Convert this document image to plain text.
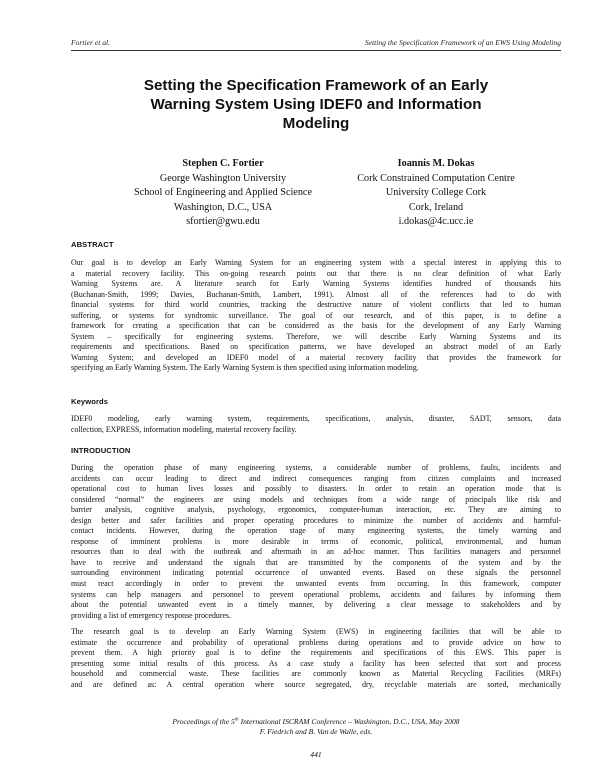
Fortier et al.	Setting the Specification Framework of an EWS Using Modeling
Setting the Specification Framework of an Early
Warning System Using IDEF0 and Information
Modeling
Stephen C. Fortier
George Washington University
School of Engineering and Applied Science
Washington, D.C., USA
sfortier@gwu.edu
Ioannis M. Dokas
Cork Constrained Computation Centre
University College Cork
Cork, Ireland
i.dokas@4c.ucc.ie
ABSTRACT
Our goal is to develop an Early Warning System for an engineering system with a special interest in applying this to
a material recovery facility. This on-going research points out that there is no clear definition of what Early
Warning Systems are. A literature search for Early Warning Systems identifies hundred of thousands hits
(Buchanan-Smith, 1999; Davies, Buchanan-Smith, Lambert, 1991). Almost all of the references had to do with
financial systems for third world countries, tracking the destructive nature of violent conflicts that led to human
suffering, or systems for syndromic surveillance. The goal of our research, and of this paper, is to define a
framework for creating a specification that can be considered as the basis for the development of any Early Warning
System – specifically for engineering systems. Therefore, we will describe Early Warning Systems and its
requirements and specifications. Based on specification patterns, we have developed an abstract model of an Early
Warning System; and developed an IDEF0 model of a material recovery facility that provides the framework for
specifying an Early Warning System. The Early Warning System is then specified using information modeling.
Keywords
IDEF0 modeling, early warning system, requirements, specifications, analysis, disaster, SADT, sensors, data
collection, EXPRESS, information modeling, material recovery facility.
INTRODUCTION
During the operation phase of many engineering systems, a considerable number of problems, faults, incidents and
accidents can occur leading to direct and indirect consequences ranging from citizen complaints and increased
operational cost to human lives losses and possibly to disasters. In order to retain an operation mode that is
considered “normal” the engineers are using models and techniques from a wide range of principals like risk and
barrier analysis, cognitive analysis, psychology, ergonomics, computer-human interaction, etc. They are aiming to
design better and safer facilities and proper operating procedures to minimize the number of accidents and harmful-
contact incidents. However, during the operation stage of many engineering systems, the timely warning and
response of imminent problems is more desirable in terms of economic, political, environmental, and human
resources than to deal with the outbreak and aftermath in an ad-hoc manner. Thus facilities managers and personnel
have to receive and understand the signals that are transmitted by the components of the system and by the
surrounding environment indicating potential occurrence of unwanted events. Based on these signals the personnel
must react accordingly in order to prevent the unwanted events from occurring. In this framework, computer
systems can help managers and personnel to prevent operational problems, accidents and failures by informing them
about the potential unwanted event in a timely manner, by delivering a clear message to stakeholders and by
providing a list of emergency response procedures.
The research goal is to develop an Early Warning System (EWS) in engineering facilities that will be able to
estimate the occurrence and probability of operational problems during operations and to provide advice on how to
prevent them. A high priority goal is to define the requirements and specifications of this EWS. This paper is
presenting some initial results of this process. As a case study a facility has been selected that sort and process
household and commercial waste. These facilities are commonly known as Material Recycling Facilities (MRFs)
and are defined as: A central operation where source segregated, dry, recyclable materials are sorted, mechanically
Proceedings of the 5th International ISCRAM Conference – Washington, D.C., USA, May 2008
F. Fiedrich and B. Van de Walle, eds.
441
